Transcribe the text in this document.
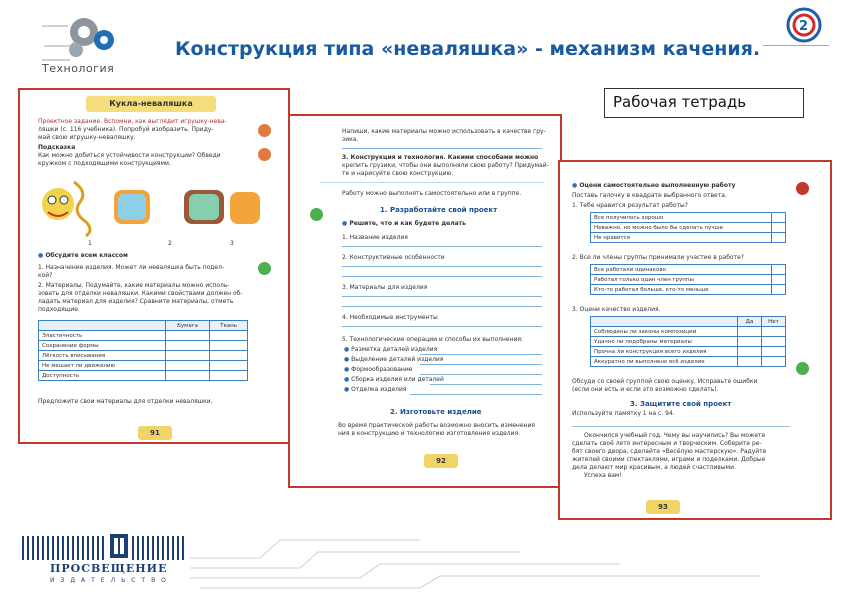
Технология
Конструкция типа «неваляшка» - механизм качения.
2
Рабочая тетрадь
Кукла-неваляшка
Проектное задание. Вспомни, как выглядит игрушку-нева-
ляшки (с. 116 учебника). Попробуй изобразить. Приду-
май свою игрушку-неваляшку.
Подсказка
Как можно добиться устойчивости конструкции? Обведи
кружком с подходящими конструкциями.
1	2	3
● Обсудите всем классом
1. Назначение изделия. Может ли неваляшка быть подел-
кой?
2. Материалы. Подумайте, какие материалы можно исполь-
зовать для отделки неваляшки. Какими свойствами должен об-
ладать материал для изделия? Сравните материалы, отметь
подходящие.
	Бумага	Ткань
Эластичность		
Сохранение формы		
Лёгкость вписывания		
Не мешает ли движению		
Доступность		
Предложите свои материалы для отделки неваляшки.
91
Напиши, какие материалы можно использовать в качестве гру-
зика.
3. Конструкция и технология. Какими способами можно
крепить грузики, чтобы они выполняли свою работу? Придумай-
те и нарисуйте свою конструкцию.
Работу можно выполнять самостоятельно или в группе.
1. Разработайте свой проект
● Решите, что и как будете делать
1. Название изделия
2. Конструктивные особенности
3. Материалы для изделия
4. Необходимые инструменты
5. Технологические операции и способы их выполнения:
● Разметка деталей изделия
● Выделение деталей изделия
● Формообразование
● Сборка изделия или деталей
● Отделка изделия
2. Изготовьте изделие
Во время практической работы возможно вносить изменения
ния в конструкцию и технологию изготовления изделия.
92
● Оцени самостоятельно выполненную работу
Поставь галочку в квадрате выбранного ответа.
1. Тебе нравится результат работы?
Все получилось хорошо	
Неважно, но можно было бы сделать лучше	
Не нравится	
2. Все ли члены группы принимали участие в работе?
Все работали одинаково	
Работал только один член группы	
Кто-то работал больше, кто-то меньше	
3. Оцени качество изделия.
	Да	Нет
Соблюдены ли законы композиции		
Удачно ли подобраны материалы		
Прочна ли конструкция всего изделия		
Аккуратно ли выполнено всё изделие		
Обсуди со своей группой свою оценку. Исправьте ошибки
(если они есть и если это возможно сделать).
3. Защитите свой проект
Используйте памятку 1 на с. 94.
Окончился учебный год. Чему вы научились? Вы можете
сделать своё лето интересным и творческим. Соберите ре-
бят своего двора, сделайте «Весёлую мастерскую». Радуйте
жителей своими спектаклями, играми и поделками. Добрые
дела делают мир красивым, а людей счастливыми.
Успеха вам!
93
ПРОСВЕЩЕНИЕ
ИЗДАТЕЛЬСТВО
